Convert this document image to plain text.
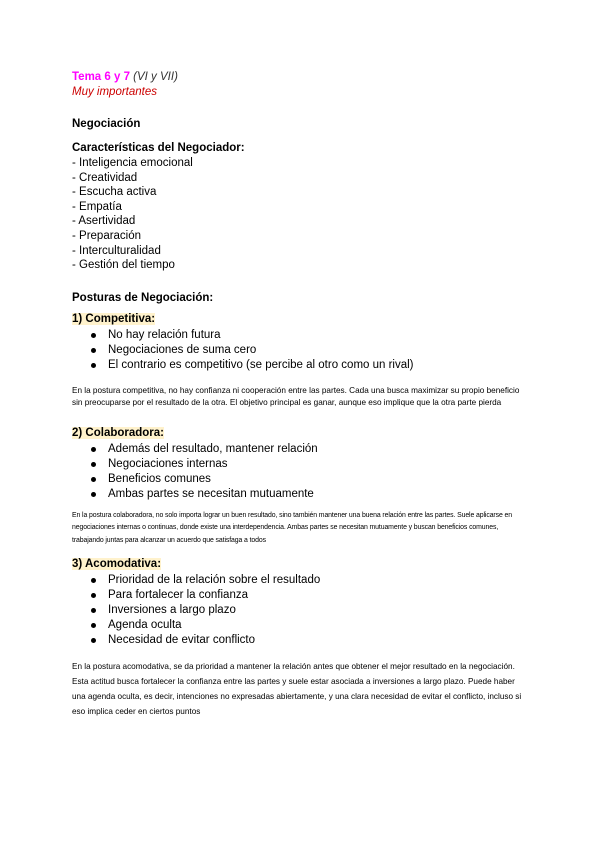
Tema 6 y 7 (VI y VII)
Muy importantes
Negociación
Características del Negociador:
- Inteligencia emocional
- Creatividad
- Escucha activa
- Empatía
- Asertividad
- Preparación
- Interculturalidad
- Gestión del tiempo
Posturas de Negociación:
1) Competitiva:
No hay relación futura
Negociaciones de suma cero
El contrario es competitivo (se percibe al otro como un rival)
En la postura competitiva, no hay confianza ni cooperación entre las partes. Cada una busca maximizar su propio beneficio sin preocuparse por el resultado de la otra. El objetivo principal es ganar, aunque eso implique que la otra parte pierda
2) Colaboradora:
Además del resultado, mantener relación
Negociaciones internas
Beneficios comunes
Ambas partes se necesitan mutuamente
En la postura colaboradora, no solo importa lograr un buen resultado, sino también mantener una buena relación entre las partes. Suele aplicarse en negociaciones internas o continuas, donde existe una interdependencia. Ambas partes se necesitan mutuamente y buscan beneficios comunes, trabajando juntas para alcanzar un acuerdo que satisfaga a todos
3) Acomodativa:
Prioridad de la relación sobre el resultado
Para fortalecer la confianza
Inversiones a largo plazo
Agenda oculta
Necesidad de evitar conflicto
En la postura acomodativa, se da prioridad a mantener la relación antes que obtener el mejor resultado en la negociación. Esta actitud busca fortalecer la confianza entre las partes y suele estar asociada a inversiones a largo plazo. Puede haber una agenda oculta, es decir, intenciones no expresadas abiertamente, y una clara necesidad de evitar el conflicto, incluso si eso implica ceder en ciertos puntos
